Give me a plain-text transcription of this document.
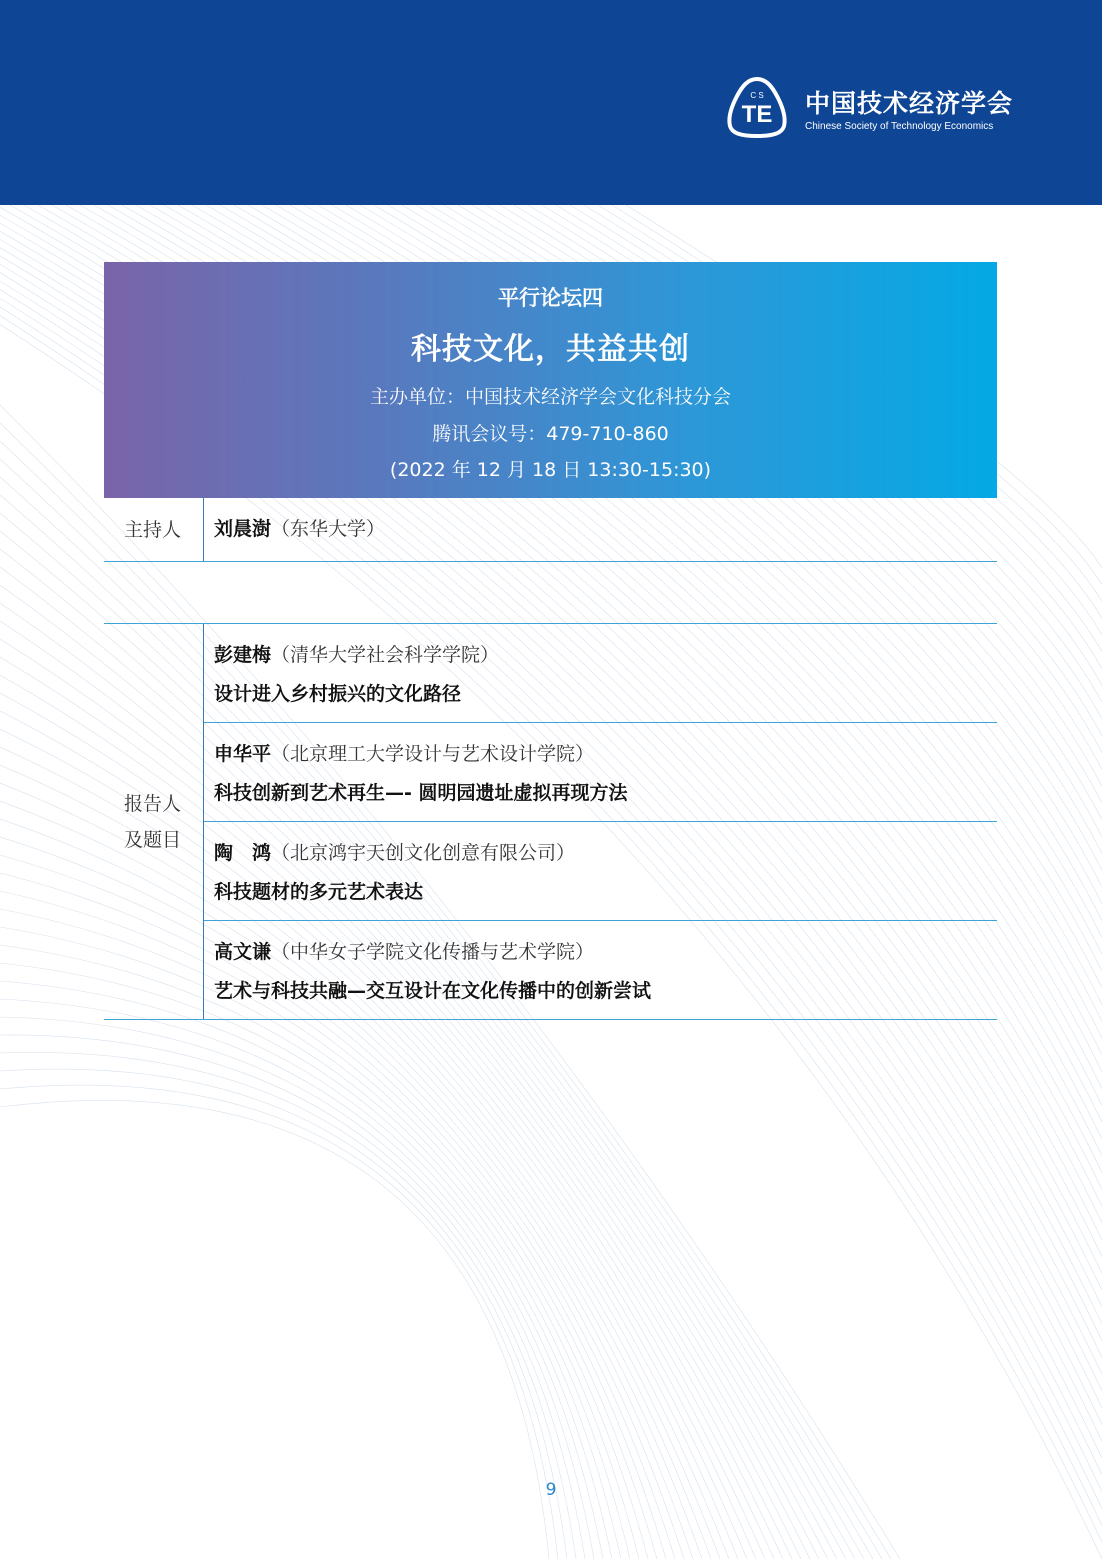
C S
TE 中国技术经济学会
Chinese Society of Technology Economics
平行论坛四
科技文化，共益共创
主办单位：中国技术经济学会文化科技分会
腾讯会议号：479-710-860
(2022 年 12 月 18 日 13:30-15:30)
主持人	刘晨澍（东华大学）
报告人
及题目
彭建梅（清华大学社会科学学院）
设计进入乡村振兴的文化路径
申华平（北京理工大学设计与艺术设计学院）
科技创新到艺术再生—- 圆明园遗址虚拟再现方法
陶　鸿（北京鸿宇天创文化创意有限公司）
科技题材的多元艺术表达
高文谦（中华女子学院文化传播与艺术学院）
艺术与科技共融—交互设计在文化传播中的创新尝试
9
